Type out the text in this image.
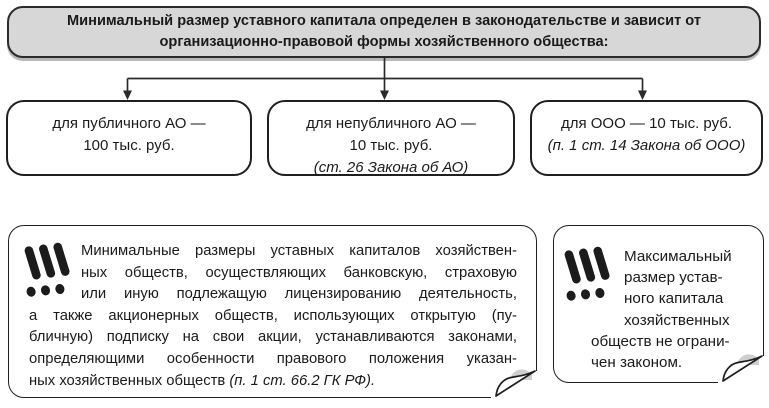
Минимальный размер уставного капитала определен в законодательстве и зависит от организационно-правовой формы хозяйственного общества:
для публичного АО —
100 тыс. руб.
для непубличного АО —
10 тыс. руб.
(ст. 26 Закона об АО)
для ООО — 10 тыс. руб.
(п. 1 ст. 14 Закона об ООО)
Минимальные размеры уставных капиталов хозяйствен-
ных обществ, осуществляющих банковскую, страховую
или иную подлежащую лицензированию деятельность,
а также акционерных обществ, использующих открытую (пу-
бличную) подписку на свои акции, устанавливаются законами,
определяющими особенности правового положения указан-
ных хозяйственных обществ (п. 1 ст. 66.2 ГК РФ).
Максимальный
размер устав-
ного капитала
хозяйственных
обществ не ограни-
чен законом.
